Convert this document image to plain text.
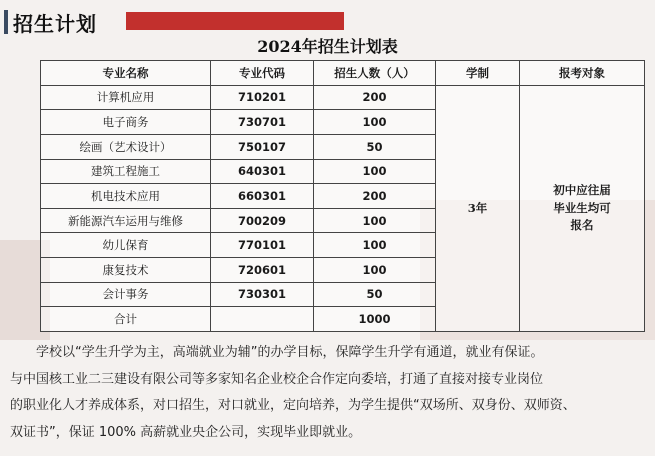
招生计划
2024年招生计划表
专业名称	专业代码	招生人数（人）	学制	报考对象
计算机应用	710201	200	3年	初中应往届
毕业生均可
报名
电子商务	730701	100		
绘画（艺术设计）	750107	50		
建筑工程施工	640301	100		
机电技术应用	660301	200		
新能源汽车运用与维修	700209	100		
幼儿保育	770101	100		
康复技术	720601	100		
会计事务	730301	50		
合计		1000		
学校以“学生升学为主，高端就业为辅”的办学目标，保障学生升学有通道，就业有保证。
与中国核工业二三建设有限公司等多家知名企业校企合作定向委培，打通了直接对接专业岗位
的职业化人才养成体系，对口招生，对口就业，定向培养，为学生提供“双场所、双身份、双师资、
双证书”，保证 100% 高薪就业央企公司，实现毕业即就业。
